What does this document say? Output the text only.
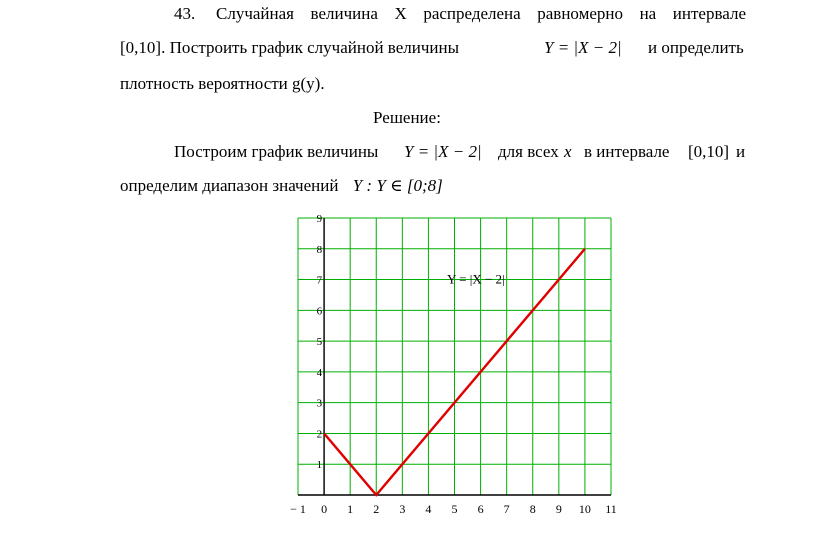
43. Случайная величина X распределена равномерно на интервале
[0,10]. Построить график случайной величины	Y = |X − 2| и определить
плотность вероятности g(y).
Решение:
Построим график величины Y = |X − 2| для всех x в интервале [0,10] и
определим диапазон значений Y : Y ∈ [0;8]
− 1 0 1 2 3 4 5 6 7 8 9 10 11
1
2
3
4
5
6
7
8
9
Y = |X − 2|
